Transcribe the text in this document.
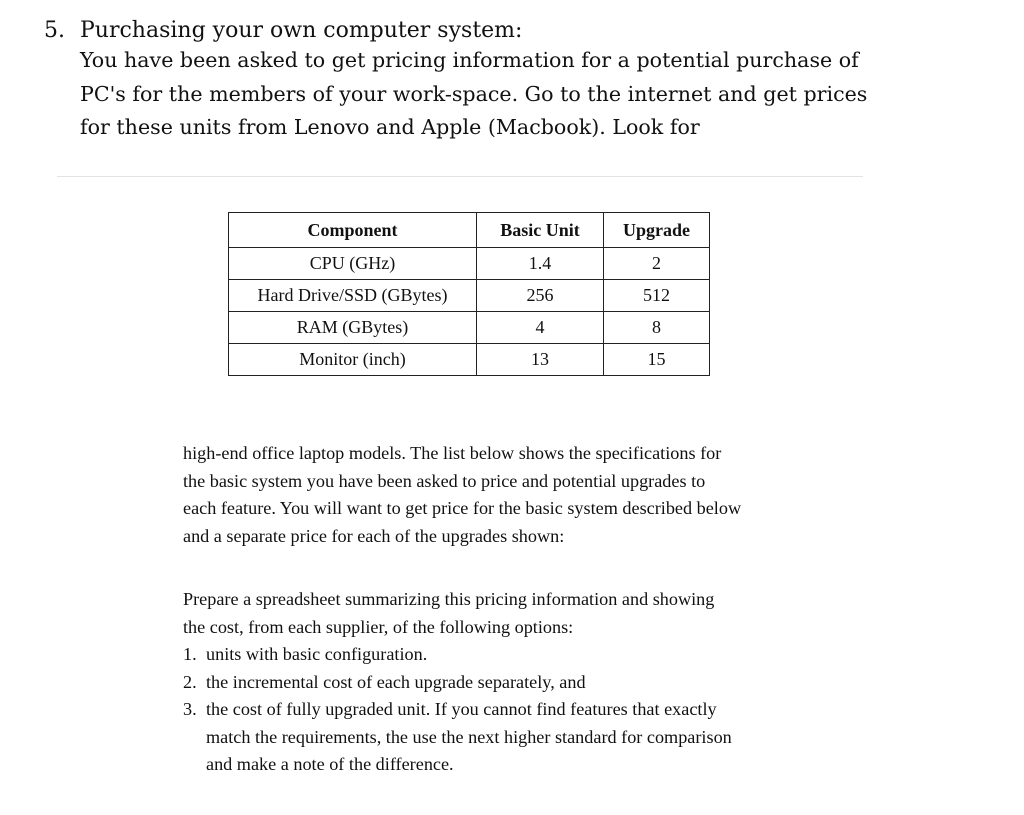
5. Purchasing your own computer system:
You have been asked to get pricing information for a potential purchase of
PC's for the members of your work-space. Go to the internet and get prices
for these units from Lenovo and Apple (Macbook). Look for
Component	Basic Unit	Upgrade
CPU (GHz)	1.4	2
Hard Drive/SSD (GBytes)	256	512
RAM (GBytes)	4	8
Monitor (inch)	13	15
high-end office laptop models. The list below shows the specifications for
the basic system you have been asked to price and potential upgrades to
each feature. You will want to get price for the basic system described below
and a separate price for each of the upgrades shown:
Prepare a spreadsheet summarizing this pricing information and showing
the cost, from each supplier, of the following options:
1. units with basic configuration.
2. the incremental cost of each upgrade separately, and
3. the cost of fully upgraded unit. If you cannot find features that exactly
match the requirements, the use the next higher standard for comparison
and make a note of the difference.
